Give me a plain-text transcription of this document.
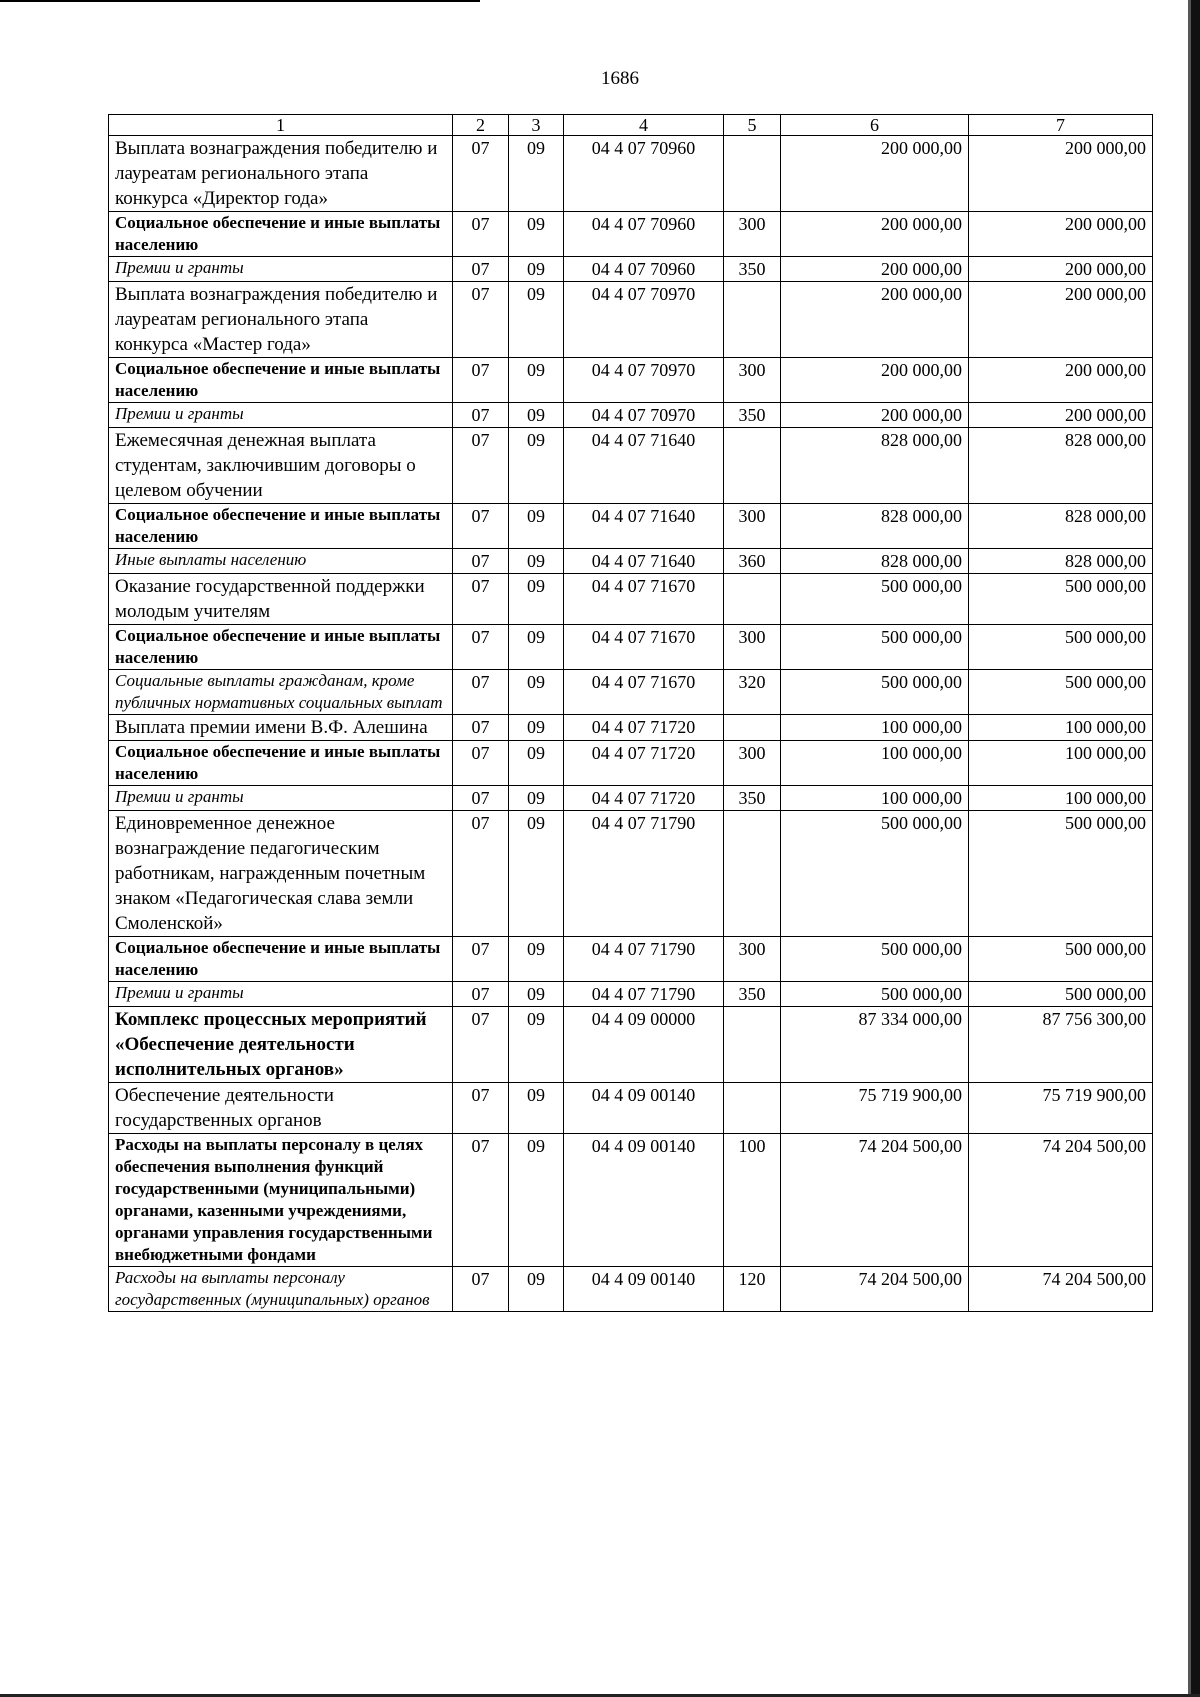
1686
1	2	3	4	5	6	7
Выплата вознаграждения победителю и лауреатам регионального этапа конкурса «Директор года»	07	09	04 4 07 70960		200 000,00	200 000,00
Социальное обеспечение и иные выплаты населению	07	09	04 4 07 70960	300	200 000,00	200 000,00
Премии и гранты	07	09	04 4 07 70960	350	200 000,00	200 000,00
Выплата вознаграждения победителю и лауреатам регионального этапа конкурса «Мастер года»	07	09	04 4 07 70970		200 000,00	200 000,00
Социальное обеспечение и иные выплаты населению	07	09	04 4 07 70970	300	200 000,00	200 000,00
Премии и гранты	07	09	04 4 07 70970	350	200 000,00	200 000,00
Ежемесячная денежная выплата студентам, заключившим договоры о целевом обучении	07	09	04 4 07 71640		828 000,00	828 000,00
Социальное обеспечение и иные выплаты населению	07	09	04 4 07 71640	300	828 000,00	828 000,00
Иные выплаты населению	07	09	04 4 07 71640	360	828 000,00	828 000,00
Оказание государственной поддержки молодым учителям	07	09	04 4 07 71670		500 000,00	500 000,00
Социальное обеспечение и иные выплаты населению	07	09	04 4 07 71670	300	500 000,00	500 000,00
Социальные выплаты гражданам, кроме публичных нормативных социальных выплат	07	09	04 4 07 71670	320	500 000,00	500 000,00
Выплата премии имени В.Ф. Алешина	07	09	04 4 07 71720		100 000,00	100 000,00
Социальное обеспечение и иные выплаты населению	07	09	04 4 07 71720	300	100 000,00	100 000,00
Премии и гранты	07	09	04 4 07 71720	350	100 000,00	100 000,00
Единовременное денежное вознаграждение педагогическим работникам, награжденным почетным знаком «Педагогическая слава земли Смоленской»	07	09	04 4 07 71790		500 000,00	500 000,00
Социальное обеспечение и иные выплаты населению	07	09	04 4 07 71790	300	500 000,00	500 000,00
Премии и гранты	07	09	04 4 07 71790	350	500 000,00	500 000,00
Комплекс процессных мероприятий «Обеспечение деятельности исполнительных органов»	07	09	04 4 09 00000		87 334 000,00	87 756 300,00
Обеспечение деятельности государственных органов	07	09	04 4 09 00140		75 719 900,00	75 719 900,00
Расходы на выплаты персоналу в целях обеспечения выполнения функций государственными (муниципальными) органами, казенными учреждениями, органами управления государственными внебюджетными фондами	07	09	04 4 09 00140	100	74 204 500,00	74 204 500,00
Расходы на выплаты персоналу государственных (муниципальных) органов	07	09	04 4 09 00140	120	74 204 500,00	74 204 500,00
